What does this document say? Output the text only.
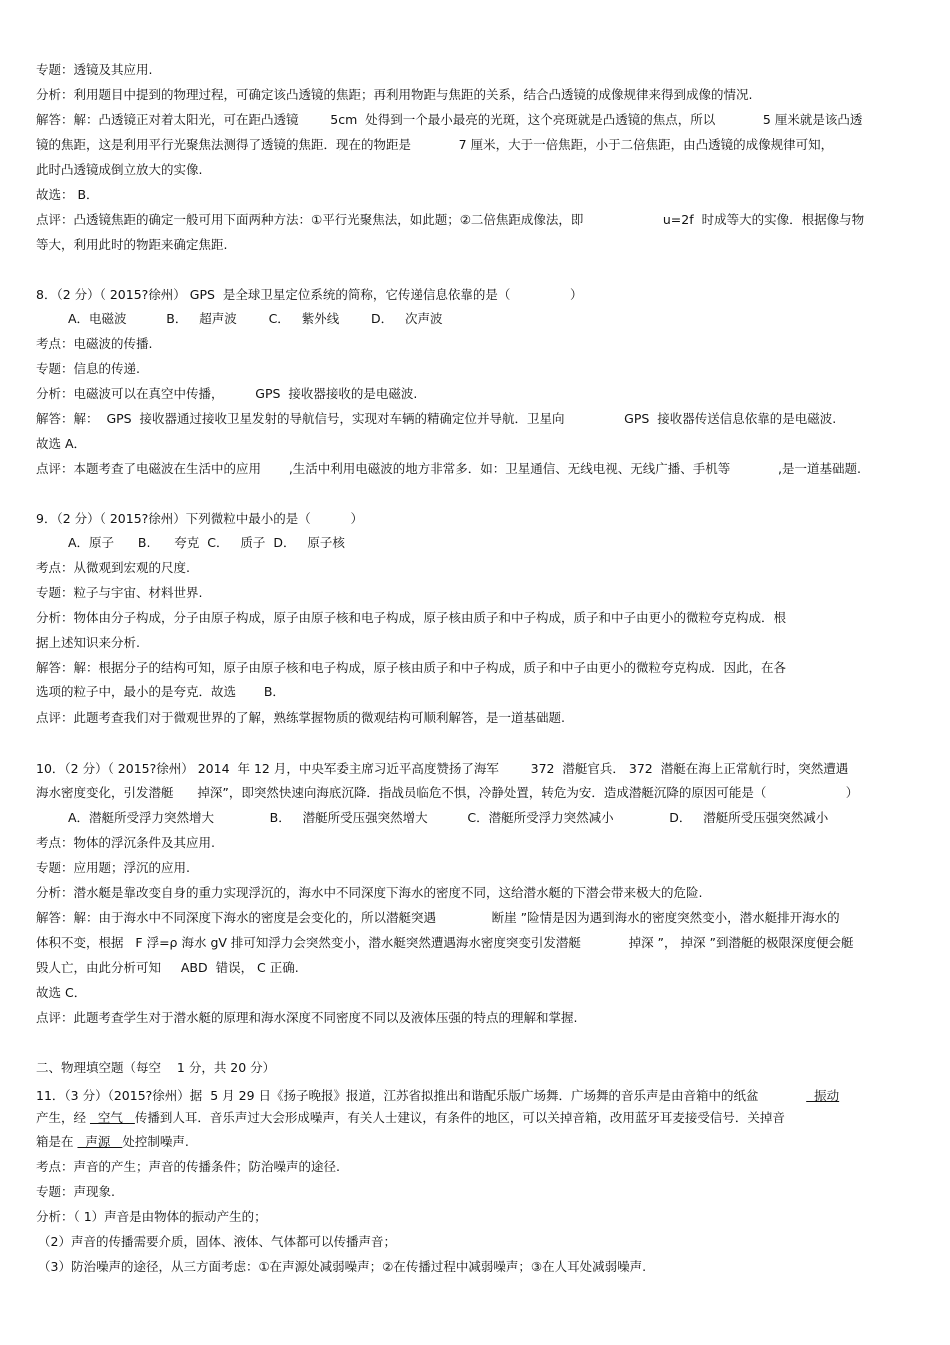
专题：透镜及其应用.
分析：利用题目中提到的物理过程，可确定该凸透镜的焦距；再利用物距与焦距的关系，结合凸透镜的成像规律来得到成像的情况.
解答：解：凸透镜正对着太阳光，可在距凸透镜        5cm  处得到一个最小最亮的光斑，这个亮斑就是凸透镜的焦点，所以            5 厘米就是该凸透
镜的焦距，这是利用平行光聚焦法测得了透镜的焦距．现在的物距是            7 厘米，大于一倍焦距，小于二倍焦距，由凸透镜的成像规律可知，
此时凸透镜成倒立放大的实像.
故选： B．
点评：凸透镜焦距的确定一般可用下面两种方法：①平行光聚焦法，如此题；②二倍焦距成像法，即                    u=2f  时成等大的实像．根据像与物
等大，利用此时的物距来确定焦距.
8．（2 分）（ 2015?徐州） GPS  是全球卫星定位系统的简称，它传递信息依靠的是（               ）
A．电磁波          B．   超声波        C．   紫外线        D．   次声波
考点：电磁波的传播.
专题：信息的传递.
分析：电磁波可以在真空中传播，        GPS  接收器接收的是电磁波.
解答：解：  GPS  接收器通过接收卫星发射的导航信号，实现对车辆的精确定位并导航．卫星向               GPS  接收器传送信息依靠的是电磁波.
故选 A．
点评：本题考查了电磁波在生活中的应用       ,生活中利用电磁波的地方非常多．如：卫星通信、无线电视、无线广播、手机等            ,是一道基础题.
9．（2 分）（ 2015?徐州）下列微粒中最小的是（          ）
A．原子      B.      夸克  C．   质子  D．   原子核
考点：从微观到宏观的尺度.
专题：粒子与宇宙、材料世界.
分析：物体由分子构成，分子由原子构成，原子由原子核和电子构成，原子核由质子和中子构成，质子和中子由更小的微粒夸克构成．根
据上述知识来分析.
解答：解：根据分子的结构可知，原子由原子核和电子构成，原子核由质子和中子构成，质子和中子由更小的微粒夸克构成．因此，在各
选项的粒子中，最小的是夸克．故选       B．
点评：此题考查我们对于微观世界的了解，熟练掌握物质的微观结构可顺利解答，是一道基础题.
10．（2 分）（ 2015?徐州） 2014  年 12 月，中央军委主席习近平高度赞扬了海军        372  潜艇官兵． 372  潜艇在海上正常航行时，突然遭遇
海水密度变化，引发潜艇      掉深”，即突然快速向海底沉降．指战员临危不惧，冷静处置，转危为安．造成潜艇沉降的原因可能是（                    ）
A．潜艇所受浮力突然增大              B．   潜艇所受压强突然增大          C．潜艇所受浮力突然减小              D．   潜艇所受压强突然减小
考点：物体的浮沉条件及其应用.
专题：应用题；浮沉的应用.
分析：潜水艇是靠改变自身的重力实现浮沉的，海水中不同深度下海水的密度不同，这给潜水艇的下潜会带来极大的危险.
解答：解：由于海水中不同深度下海水的密度是会变化的，所以潜艇突遇              断崖 ”险情是因为遇到海水的密度突然变小，潜水艇排开海水的
体积不变，根据   F 浮=ρ 海水 gV 排可知浮力会突然变小，潜水艇突然遭遇海水密度突变引发潜艇            掉深 ”， 掉深 ”到潜艇的极限深度便会艇
毁人亡，由此分析可知     ABD  错误， C 正确.
故选 C．
点评：此题考查学生对于潜水艇的原理和海水深度不同密度不同以及液体压强的特点的理解和掌握.
二、物理填空题（每空    1 分，共 20 分）
11．（3 分）（2015?徐州）据  5 月 29 日《扬子晚报》报道，江苏省拟推出和谐配乐版广场舞．广场舞的音乐声是由音箱中的纸盆              振动
产生，经   空气   传播到人耳．音乐声过大会形成噪声，有关人士建议，有条件的地区，可以关掉音箱，改用蓝牙耳麦接受信号．关掉音
箱是在   声源   处控制噪声.
考点：声音的产生；声音的传播条件；防治噪声的途径.
专题：声现象.
分析：（ 1）声音是由物体的振动产生的；
（2）声音的传播需要介质，固体、液体、气体都可以传播声音；
（3）防治噪声的途径，从三方面考虑：①在声源处减弱噪声；②在传播过程中减弱噪声；③在人耳处减弱噪声.
